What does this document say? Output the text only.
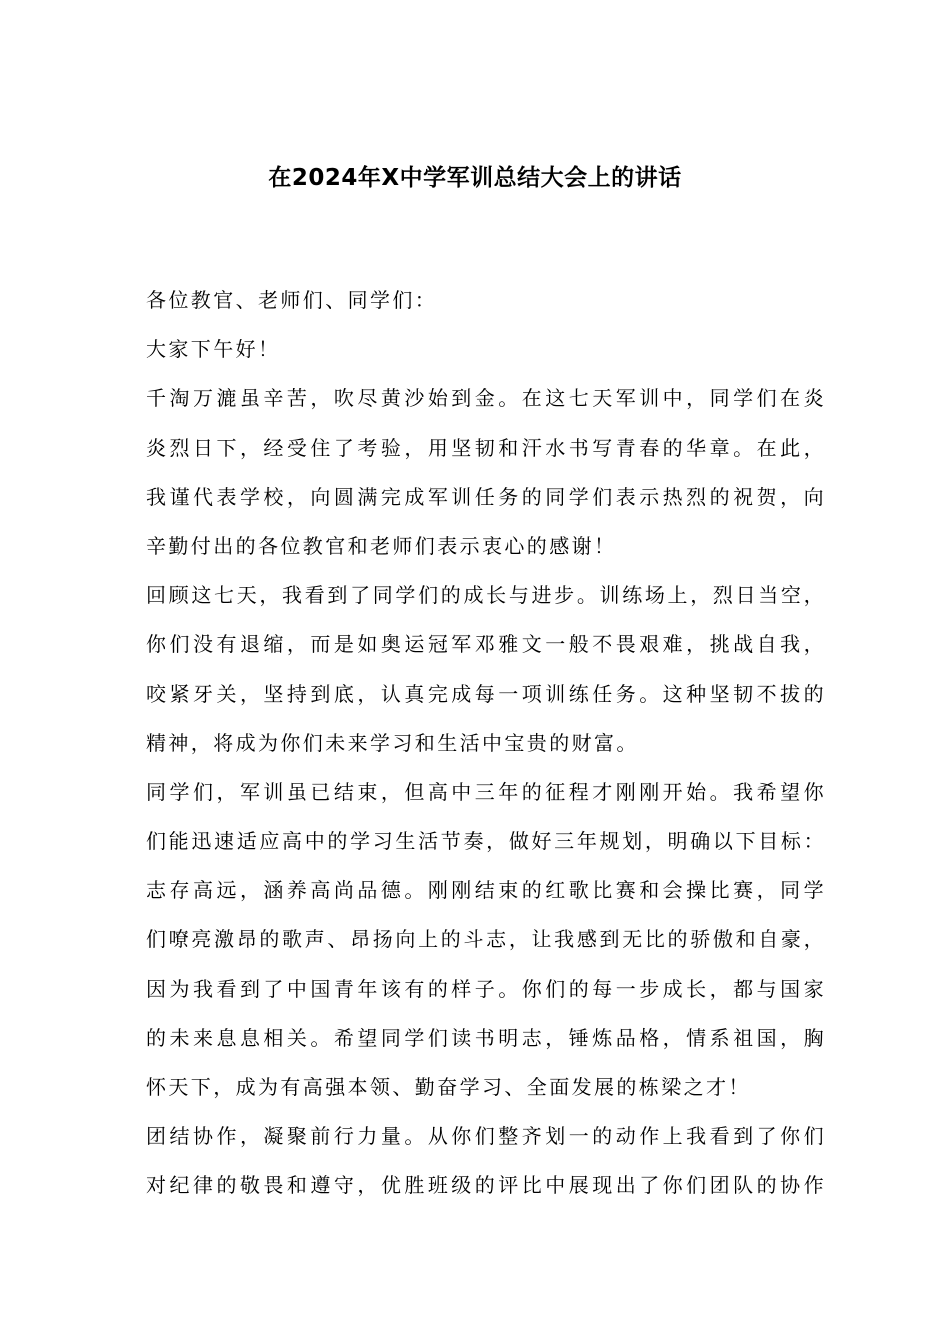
在2024年X中学军训总结大会上的讲话
各位教官、老师们、同学们：
大家下午好！
千淘万漉虽辛苦，吹尽黄沙始到金。在这七天军训中，同学们在炎
炎烈日下，经受住了考验，用坚韧和汗水书写青春的华章。在此，
我谨代表学校，向圆满完成军训任务的同学们表示热烈的祝贺，向
辛勤付出的各位教官和老师们表示衷心的感谢！
回顾这七天，我看到了同学们的成长与进步。训练场上，烈日当空，
你们没有退缩，而是如奥运冠军邓雅文一般不畏艰难，挑战自我，
咬紧牙关，坚持到底，认真完成每一项训练任务。这种坚韧不拔的
精神，将成为你们未来学习和生活中宝贵的财富。
同学们，军训虽已结束，但高中三年的征程才刚刚开始。我希望你
们能迅速适应高中的学习生活节奏，做好三年规划，明确以下目标：
志存高远，涵养高尚品德。刚刚结束的红歌比赛和会操比赛，同学
们嘹亮激昂的歌声、昂扬向上的斗志，让我感到无比的骄傲和自豪，
因为我看到了中国青年该有的样子。你们的每一步成长，都与国家
的未来息息相关。希望同学们读书明志，锤炼品格，情系祖国，胸
怀天下，成为有高强本领、勤奋学习、全面发展的栋梁之才！
团结协作，凝聚前行力量。从你们整齐划一的动作上我看到了你们
对纪律的敬畏和遵守，优胜班级的评比中展现出了你们团队的协作
